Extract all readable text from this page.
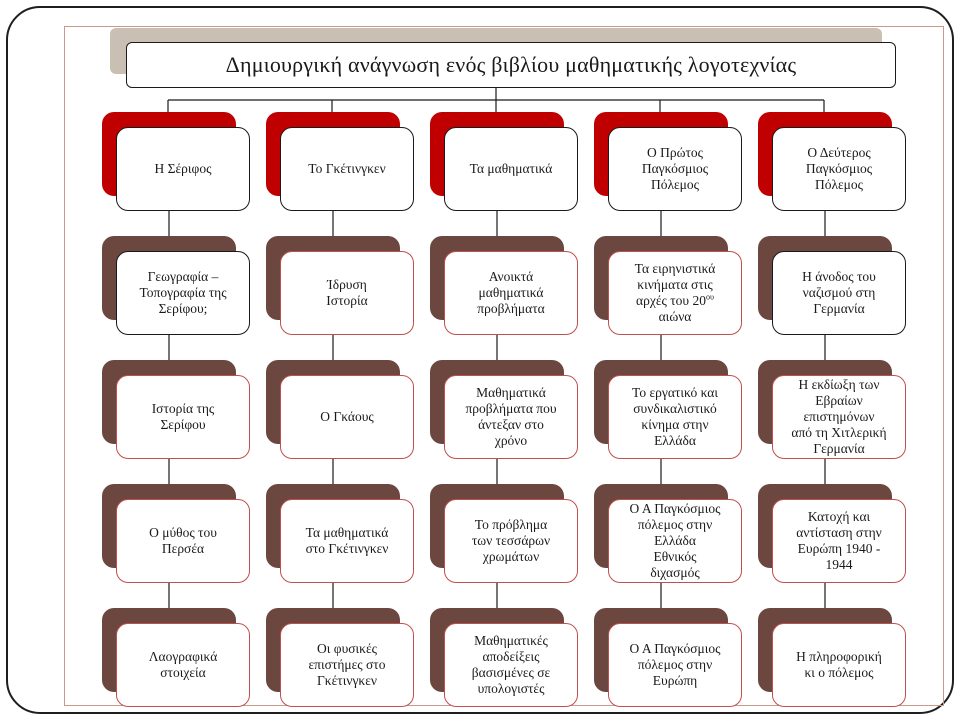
Δημιουργική ανάγνωση ενός βιβλίου μαθηματικής λογοτεχνίας
Η Σέριφος
Γεωγραφία –
Τοπογραφία της
Σερίφου;
Ιστορία της
Σερίφου
Ο μύθος του
Περσέα
Λαογραφικά
στοιχεία
Το Γκέτινγκεν
Ίδρυση
Ιστορία
Ο Γκάους
Τα μαθηματικά
στο Γκέτινγκεν
Οι φυσικές
επιστήμες στο
Γκέτινγκεν
Τα μαθηματικά
Ανοικτά
μαθηματικά
προβλήματα
Μαθηματικά
προβλήματα που
άντεξαν στο
χρόνο
Το πρόβλημα
των τεσσάρων
χρωμάτων
Μαθηματικές
αποδείξεις
βασισμένες σε
υπολογιστές
Ο Πρώτος
Παγκόσμιος
Πόλεμος
Τα ειρηνιστικά
κινήματα στις
αρχές του $20^{o\upsilon}$
αιώνα
Το εργατικό και
συνδικαλιστικό
κίνημα στην
Ελλάδα
Ο Α Παγκόσμιος
πόλεμος στην
Ελλάδα
Εθνικός
διχασμός
Ο Α Παγκόσμιος
πόλεμος στην
Ευρώπη
Ο Δεύτερος
Παγκόσμιος
Πόλεμος
Η άνοδος του
ναζισμού στη
Γερμανία
Η εκδίωξη των
Εβραίων
επιστημόνων
από τη Χιτλερική
Γερμανία
Κατοχή και
αντίσταση στην
Ευρώπη 1940 -
1944
Η πληροφορική
κι ο πόλεμος
